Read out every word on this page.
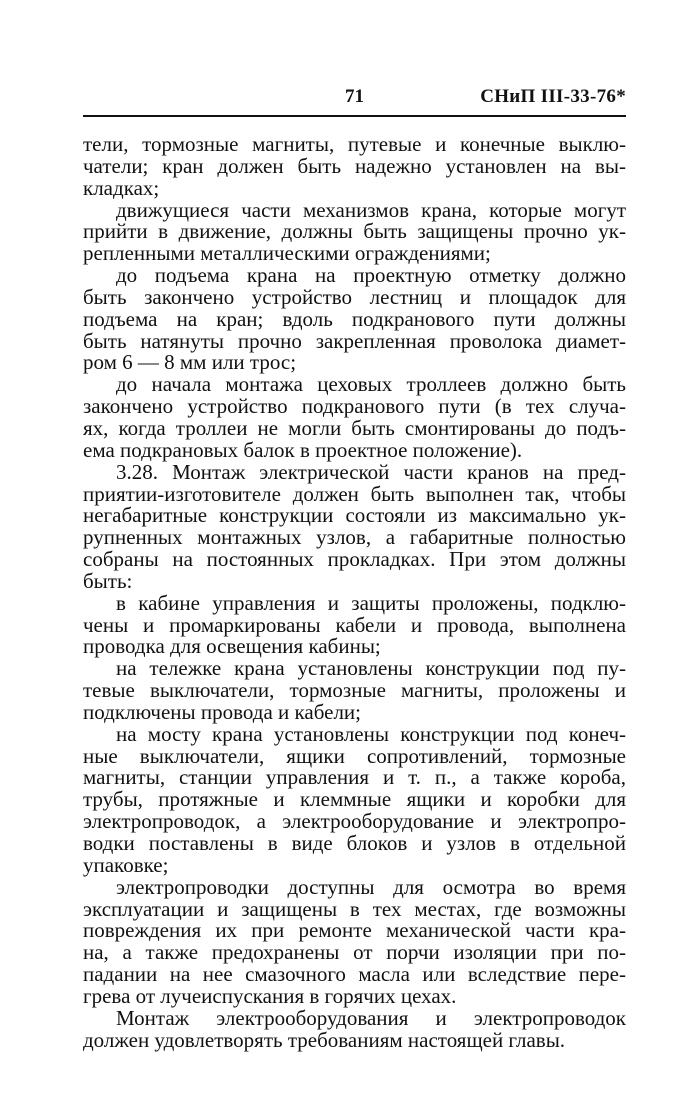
71	СНиП III-33-76*

тели, тормозные магниты, путевые и конечные выклю-

чатели; кран должен быть надежно установлен на вы-

кладках;

движущиеся части механизмов крана, которые могут

прийти в движение, должны быть защищены прочно ук-

репленными металлическими ограждениями;

до подъема крана на проектную отметку должно

быть закончено устройство лестниц и площадок для

подъема на кран; вдоль подкранового пути должны

быть натянуты прочно закрепленная проволока диамет-

ром 6 — 8 мм или трос;

до начала монтажа цеховых троллеев должно быть

закончено устройство подкранового пути (в тех случа-

ях, когда троллеи не могли быть смонтированы до подъ-

ема подкрановых балок в проектное положение).

3.28. Монтаж электрической части кранов на пред-

приятии-изготовителе должен быть выполнен так, чтобы

негабаритные конструкции состояли из максимально ук-

рупненных монтажных узлов, а габаритные полностью

собраны на постоянных прокладках. При этом должны

быть:

в кабине управления и защиты проложены, подклю-

чены и промаркированы кабели и провода, выполнена

проводка для освещения кабины;

на тележке крана установлены конструкции под пу-

тевые выключатели, тормозные магниты, проложены и

подключены провода и кабели;

на мосту крана установлены конструкции под конеч-

ные выключатели, ящики сопротивлений, тормозные

магниты, станции управления и т. п., а также короба,

трубы, протяжные и клеммные ящики и коробки для

электропроводок, а электрооборудование и электропро-

водки поставлены в виде блоков и узлов в отдельной

упаковке;

электропроводки доступны для осмотра во время

эксплуатации и защищены в тех местах, где возможны

повреждения их при ремонте механической части кра-

на, а также предохранены от порчи изоляции при по-

падании на нее смазочного масла или вследствие пере-

грева от лучеиспускания в горячих цехах.

Монтаж электрооборудования и электропроводок

должен удовлетворять требованиям настоящей главы.
